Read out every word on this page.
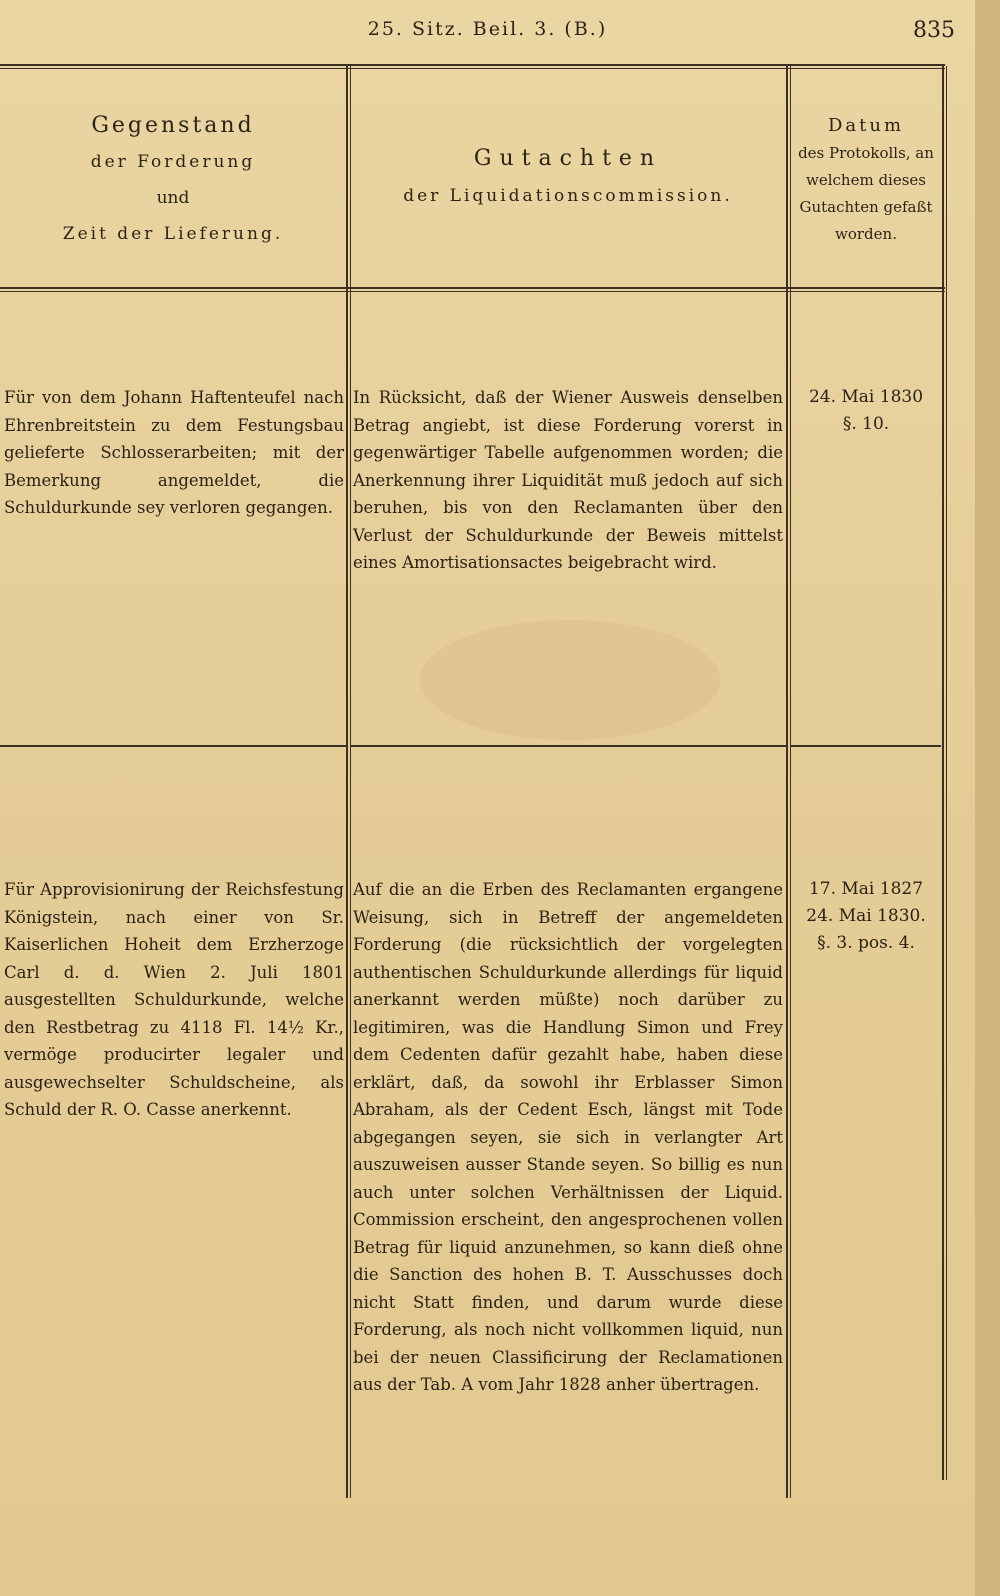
25. Sitz. Beil. 3. (B.)	835
Gegenstand
der Forderung
und
Zeit der Lieferung.
Gutachten
der Liquidationscommission.
Datum
des Protokolls, an
welchem dieses
Gutachten gefaßt
worden.
Für von dem Johann Haftenteufel nach Ehrenbreitstein zu dem Festungsbau gelieferte Schlosserarbeiten; mit der Bemerkung angemeldet, die Schuldurkunde sey verloren gegangen.
In Rücksicht, daß der Wiener Ausweis denselben Betrag angiebt, ist diese Forderung vorerst in gegenwärtiger Tabelle aufgenommen worden; die Anerkennung ihrer Liquidität muß jedoch auf sich beruhen, bis von den Reclamanten über den Verlust der Schuldurkunde der Beweis mittelst eines Amortisationsactes beigebracht wird.
24. Mai 1830
§. 10.
Für Approvisionirung der Reichsfestung Königstein, nach einer von Sr. Kaiserlichen Hoheit dem Erzherzoge Carl d. d. Wien 2. Juli 1801 ausgestellten Schuldurkunde, welche den Restbetrag zu 4118 Fl. 14½ Kr., vermöge producirter legaler und ausgewechselter Schuldscheine, als Schuld der R. O. Casse anerkennt.
Auf die an die Erben des Reclamanten ergangene Weisung, sich in Betreff der angemeldeten Forderung (die rücksichtlich der vorgelegten authentischen Schuldurkunde allerdings für liquid anerkannt werden müßte) noch darüber zu legitimiren, was die Handlung Simon und Frey dem Cedenten dafür gezahlt habe, haben diese erklärt, daß, da sowohl ihr Erblasser Simon Abraham, als der Cedent Esch, längst mit Tode abgegangen seyen, sie sich in verlangter Art auszuweisen ausser Stande seyen. So billig es nun auch unter solchen Verhältnissen der Liquid. Commission erscheint, den angesprochenen vollen Betrag für liquid anzunehmen, so kann dieß ohne die Sanction des hohen B. T. Ausschusses doch nicht Statt finden, und darum wurde diese Forderung, als noch nicht vollkommen liquid, nun bei der neuen Classificirung der Reclamationen aus der Tab. A vom Jahr 1828 anher übertragen.
17. Mai 1827
24. Mai 1830.
§. 3. pos. 4.
